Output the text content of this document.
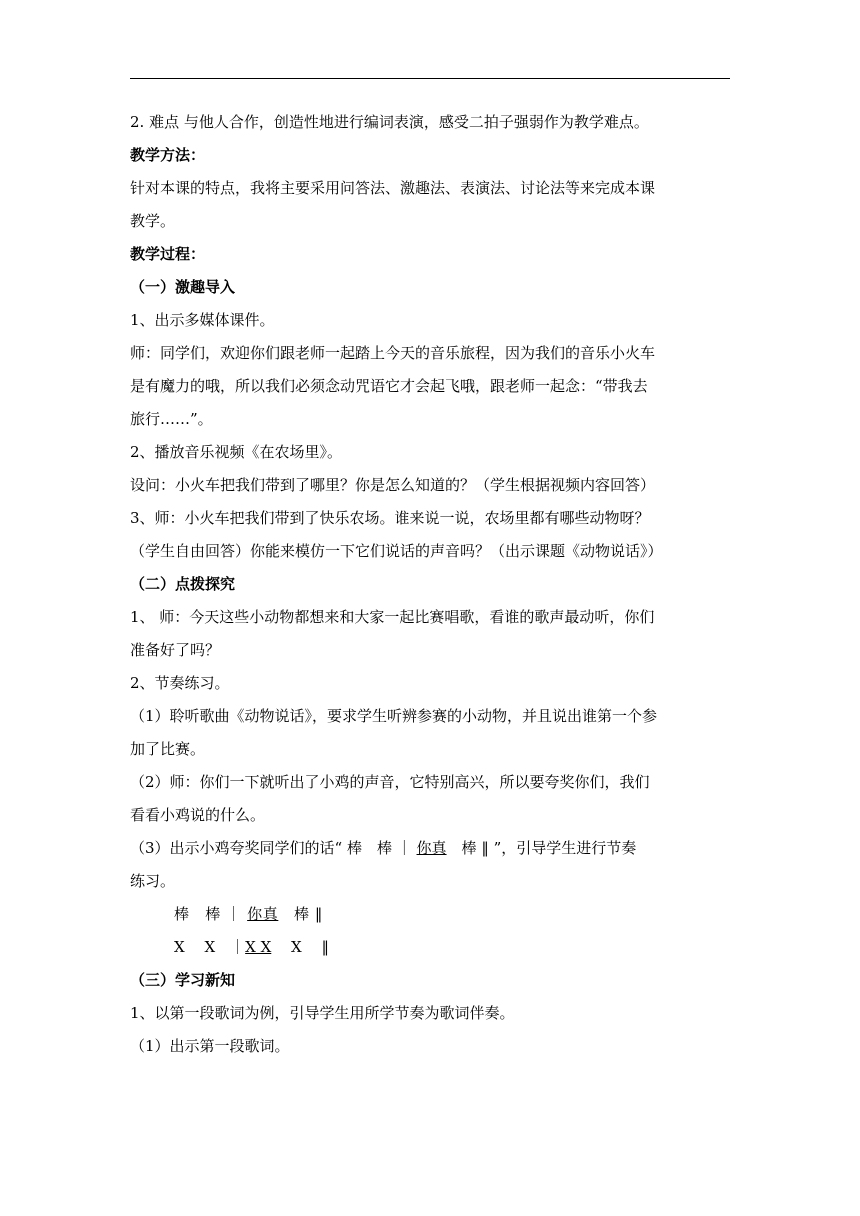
2. 难点 与他人合作，创造性地进行编词表演，感受二拍子强弱作为教学难点。
教学方法：
针对本课的特点，我将主要采用问答法、激趣法、表演法、讨论法等来完成本课
教学。
教学过程：
（一）激趣导入
1、出示多媒体课件。
师：同学们，欢迎你们跟老师一起踏上今天的音乐旅程，因为我们的音乐小火车
是有魔力的哦，所以我们必须念动咒语它才会起飞哦，跟老师一起念：“带我去
旅行……”。
2、播放音乐视频《在农场里》。
设问：小火车把我们带到了哪里？你是怎么知道的？（学生根据视频内容回答）
3、师：小火车把我们带到了快乐农场。谁来说一说，农场里都有哪些动物呀？
（学生自由回答）你能来模仿一下它们说话的声音吗？（出示课题《动物说话》）
（二）点拨探究
1、 师：今天这些小动物都想来和大家一起比赛唱歌，看谁的歌声最动听，你们
准备好了吗？
2、节奏练习。
（1）聆听歌曲《动物说话》，要求学生听辨参赛的小动物，并且说出谁第一个参
加了比赛。
（2）师：你们一下就听出了小鸡的声音，它特别高兴，所以要夸奖你们，我们
看看小鸡说的什么。
（3）出示小鸡夸奖同学们的话“ 棒　棒 ｜ 你真　棒 ‖ ”，引导学生进行节奏
练习。
棒　棒 ｜ 你真　棒 ‖
X　 X　｜X X　 X　 ‖
（三）学习新知
1、以第一段歌词为例，引导学生用所学节奏为歌词伴奏。
（1）出示第一段歌词。
